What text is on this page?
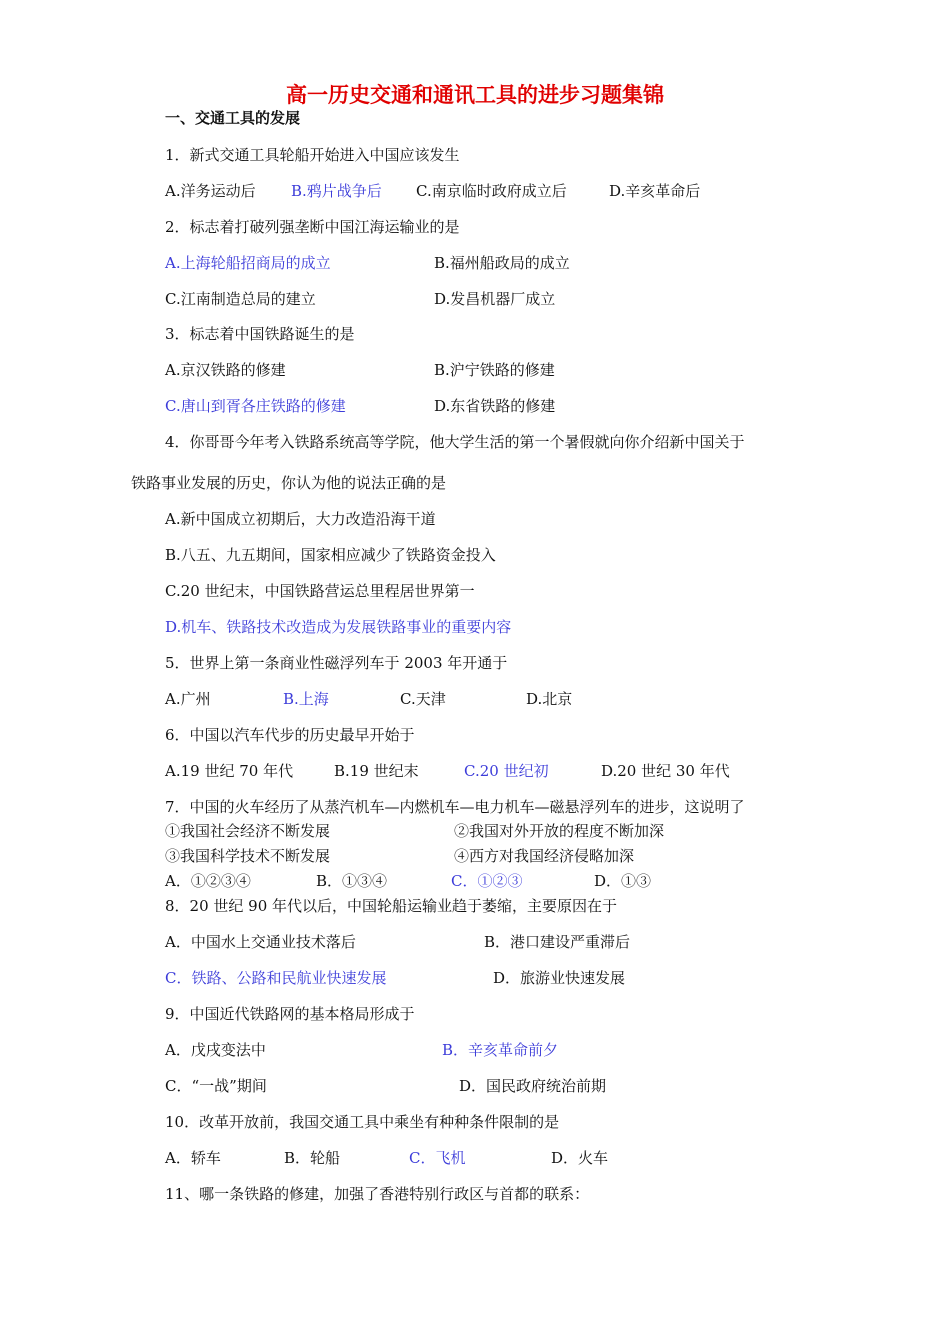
高一历史交通和通讯工具的进步习题集锦
一、交通工具的发展
1．新式交通工具轮船开始进入中国应该发生
A.洋务运动后 B.鸦片战争后 C.南京临时政府成立后	D.辛亥革命后
2．标志着打破列强垄断中国江海运输业的是
A.上海轮船招商局的成立	B.福州船政局的成立
C.江南制造总局的建立	D.发昌机器厂成立
3．标志着中国铁路诞生的是
A.京汉铁路的修建	B.沪宁铁路的修建
C.唐山到胥各庄铁路的修建	D.东省铁路的修建
4．你哥哥今年考入铁路系统高等学院，他大学生活的第一个暑假就向你介绍新中国关于
铁路事业发展的历史，你认为他的说法正确的是
A.新中国成立初期后，大力改造沿海干道
B.八五、九五期间，国家相应减少了铁路资金投入
C.20 世纪末，中国铁路营运总里程居世界第一
D.机车、铁路技术改造成为发展铁路事业的重要内容
5．世界上第一条商业性磁浮列车于 2003 年开通于
A.广州	B.上海	C.天津	D.北京
6．中国以汽车代步的历史最早开始于
A.19 世纪 70 年代	B.19 世纪末	C.20 世纪初	D.20 世纪 30 年代
7．中国的火车经历了从蒸汽机车—内燃机车—电力机车—磁悬浮列车的进步，这说明了
①我国社会经济不断发展	②我国对外开放的程度不断加深
③我国科学技术不断发展	④西方对我国经济侵略加深
A．①②③④	B．①③④	C．①②③	D．①③
8．20 世纪 90 年代以后，中国轮船运输业趋于萎缩，主要原因在于
A．中国水上交通业技术落后	B．港口建设严重滞后
C．铁路、公路和民航业快速发展	D．旅游业快速发展
9．中国近代铁路网的基本格局形成于
A．戊戌变法中	B．辛亥革命前夕
C．“一战”期间	D．国民政府统治前期
10．改革开放前，我国交通工具中乘坐有种种条件限制的是
A．轿车	B．轮船	C．飞机	D．火车
11、哪一条铁路的修建，加强了香港特别行政区与首都的联系：
